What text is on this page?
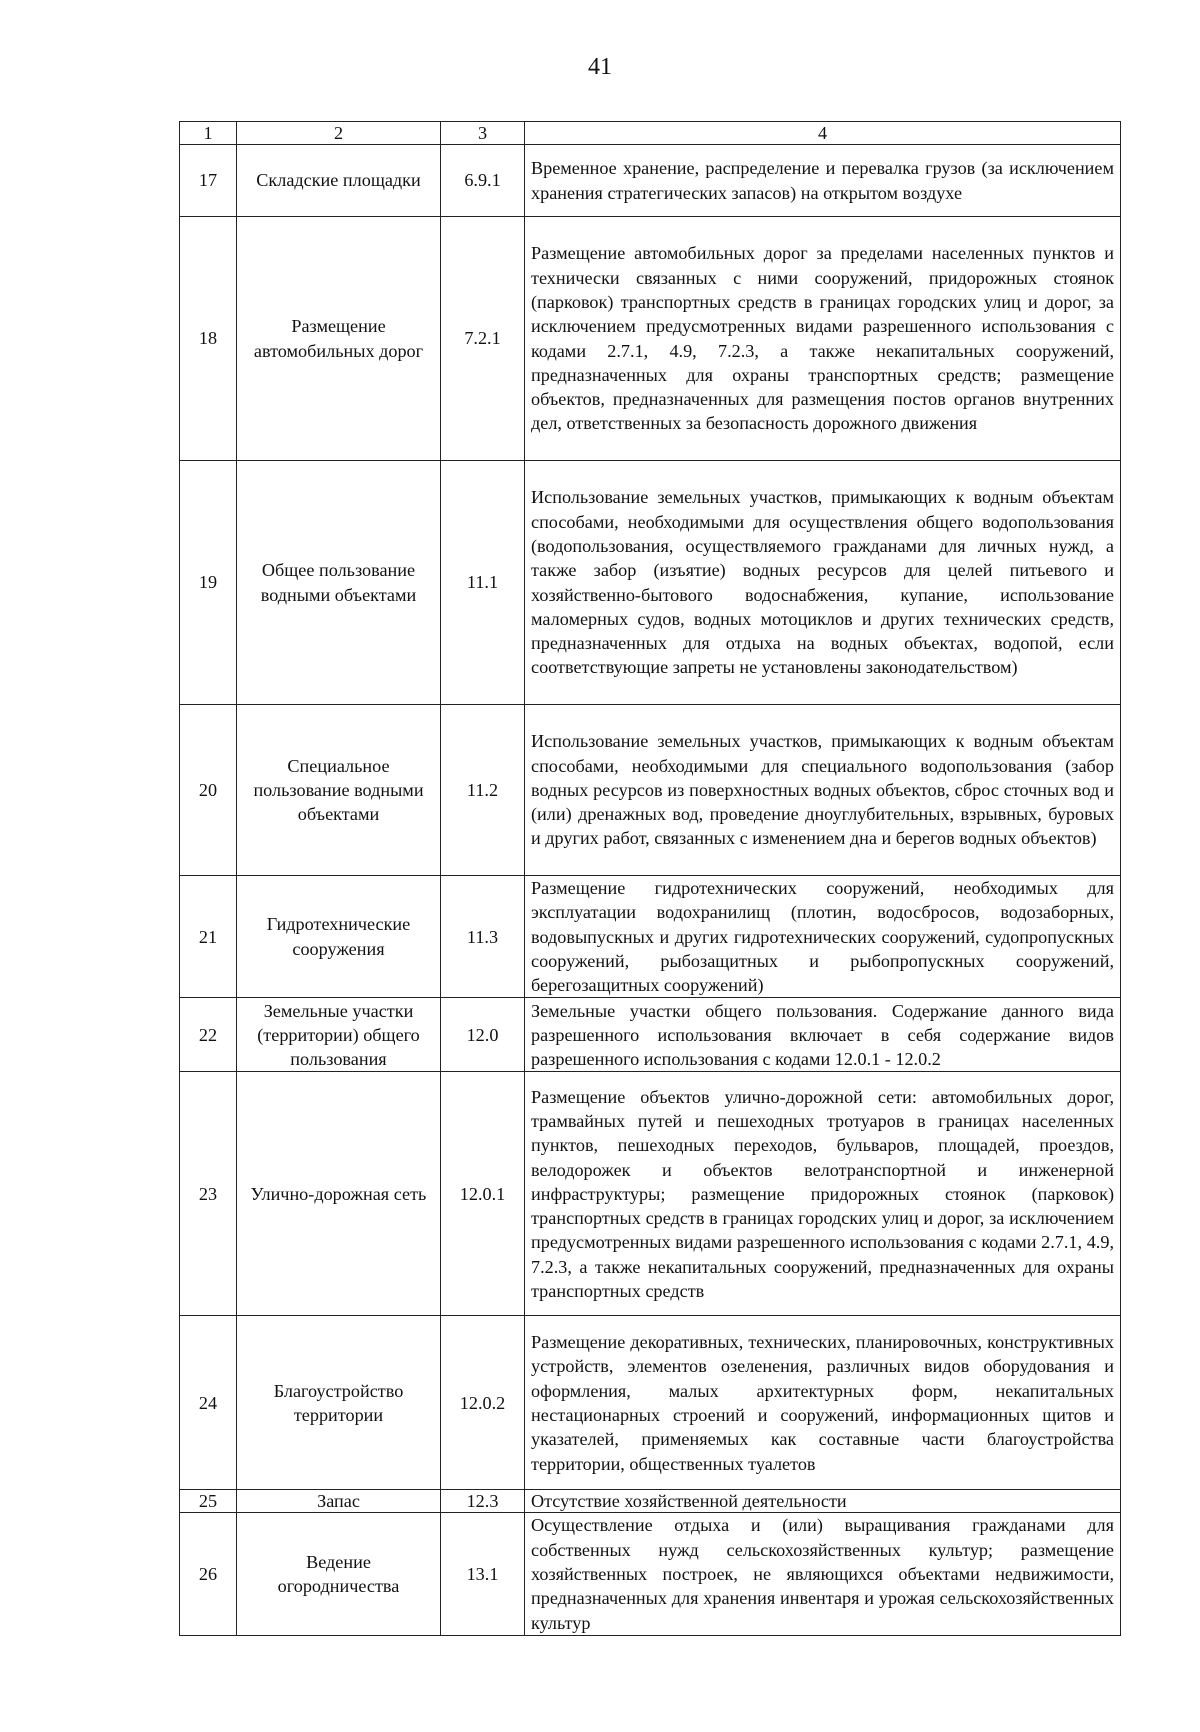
41
1	2	3	4
17	Складские площадки	6.9.1	Временное хранение, распределение и перевалка грузов (за исключением хранения стратегических запасов) на открытом воздухе
18	Размещение автомобильных дорог	7.2.1	Размещение автомобильных дорог за пределами населенных пунктов и технически связанных с ними сооружений, придорожных стоянок (парковок) транспортных средств в границах городских улиц и дорог, за исключением предусмотренных видами разрешенного использования с кодами 2.7.1, 4.9, 7.2.3, а также некапитальных сооружений, предназначенных для охраны транспортных средств; размещение объектов, предназначенных для размещения постов органов внутренних дел, ответственных за безопасность дорожного движения
19	Общее пользование водными объектами	11.1	Использование земельных участков, примыкающих к водным объектам способами, необходимыми для осуществления общего водопользования (водопользования, осуществляемого гражданами для личных нужд, а также забор (изъятие) водных ресурсов для целей питьевого и хозяйственно-бытового водоснабжения, купание, использование маломерных судов, водных мотоциклов и других технических средств, предназначенных для отдыха на водных объектах, водопой, если соответствующие запреты не установлены законодательством)
20	Специальное пользование водными объектами	11.2	Использование земельных участков, примыкающих к водным объектам способами, необходимыми для специального водопользования (забор водных ресурсов из поверхностных водных объектов, сброс сточных вод и (или) дренажных вод, проведение дноуглубительных, взрывных, буровых и других работ, связанных с изменением дна и берегов водных объектов)
21	Гидротехнические сооружения	11.3	Размещение гидротехнических сооружений, необходимых для эксплуатации водохранилищ (плотин, водосбросов, водозаборных, водовыпускных и других гидротехнических сооружений, судопропускных сооружений, рыбозащитных и рыбопропускных сооружений, берегозащитных сооружений)
22	Земельные участки (территории) общего пользования	12.0	Земельные участки общего пользования. Содержание данного вида разрешенного использования включает в себя содержание видов разрешенного использования с кодами 12.0.1 - 12.0.2
23	Улично-дорожная сеть	12.0.1	Размещение объектов улично-дорожной сети: автомобильных дорог, трамвайных путей и пешеходных тротуаров в границах населенных пунктов, пешеходных переходов, бульваров, площадей, проездов, велодорожек и объектов велотранспортной и инженерной инфраструктуры; размещение придорожных стоянок (парковок) транспортных средств в границах городских улиц и дорог, за исключением предусмотренных видами разрешенного использования с кодами 2.7.1, 4.9, 7.2.3, а также некапитальных сооружений, предназначенных для охраны транспортных средств
24	Благоустройство территории	12.0.2	Размещение декоративных, технических, планировочных, конструктивных устройств, элементов озеленения, различных видов оборудования и оформления, малых архитектурных форм, некапитальных нестационарных строений и сооружений, информационных щитов и указателей, применяемых как составные части благоустройства территории, общественных туалетов
25	Запас	12.3	Отсутствие хозяйственной деятельности
26	Ведение огородничества	13.1	Осуществление отдыха и (или) выращивания гражданами для собственных нужд сельскохозяйственных культур; размещение хозяйственных построек, не являющихся объектами недвижимости, предназначенных для хранения инвентаря и урожая сельскохозяйственных культур
